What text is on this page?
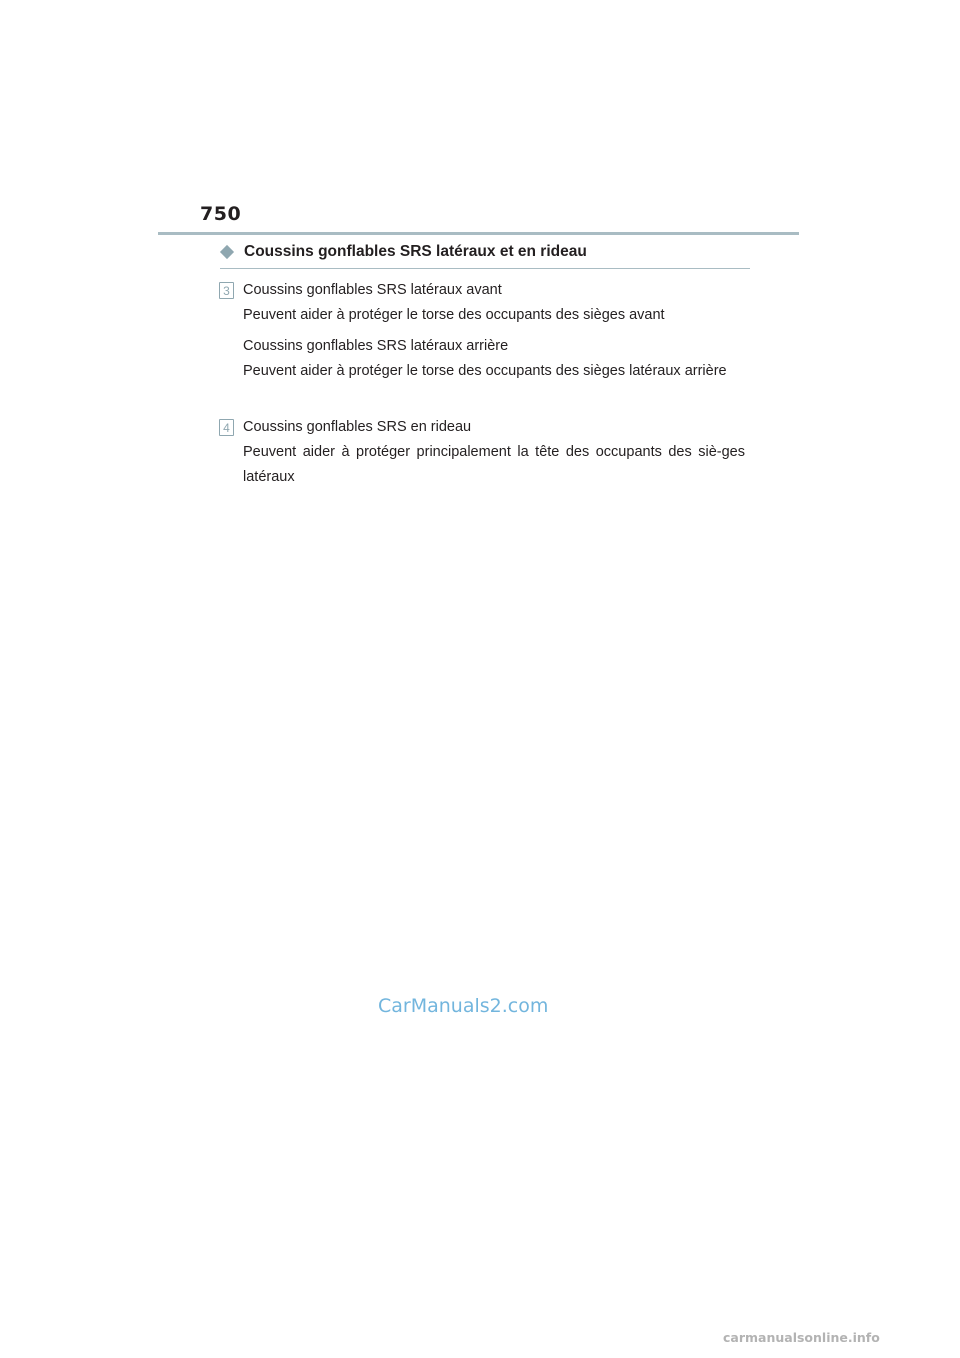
750
Coussins gonflables SRS latéraux et en rideau
3 Coussins gonflables SRS latéraux avant

Peuvent aider à protéger le torse des occupants des sièges avant

Coussins gonflables SRS latéraux arrière

Peuvent aider à protéger le torse des occupants des sièges latéraux arrière

4 Coussins gonflables SRS en rideau

Peuvent aider à protéger principalement la tête des occupants des siè-ges latéraux

CarManuals2.com
carmanualsonline.info
